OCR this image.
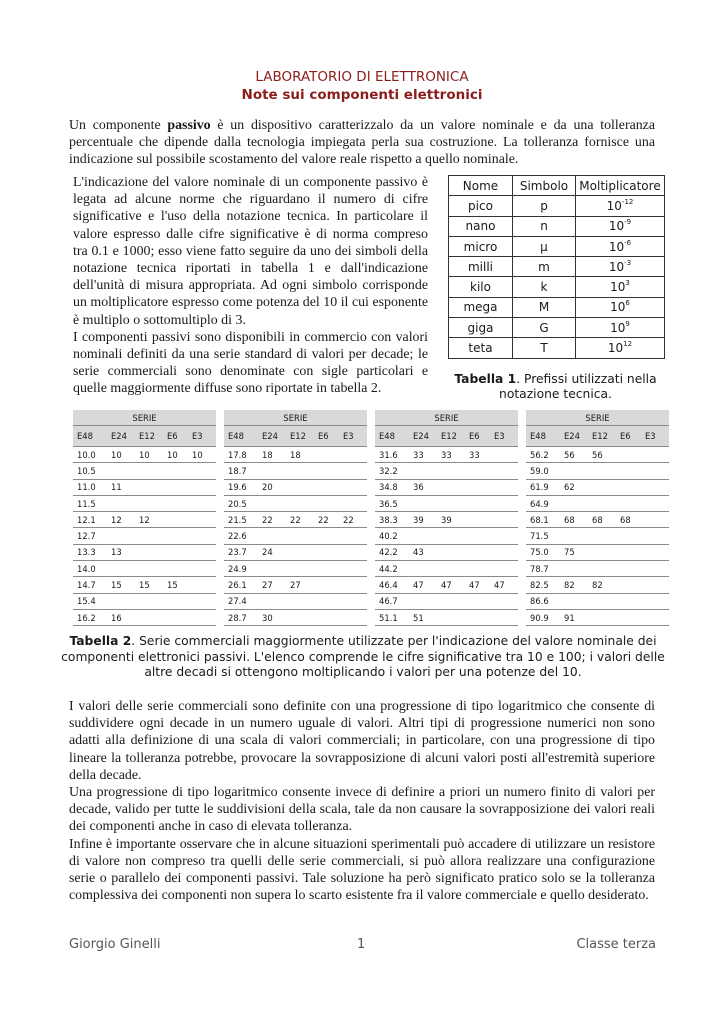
LABORATORIO DI ELETTRONICA
Note sui componenti elettronici

Un componente passivo è un dispositivo caratterizzalo da un valore nominale e da una tolleranza percentuale che dipende dalla tecnologia impiegata perla sua costruzione. La tolleranza fornisce una indicazione sul possibile scostamento del valore reale rispetto a quello nominale.

L'indicazione del valore nominale di un componente passivo è legata ad alcune norme che riguardano il numero di cifre significative e l'uso della notazione tecnica. In particolare il valore espresso dalle cifre significative è di norma compreso tra 0.1 e 1000; esso viene fatto seguire da uno dei simboli della notazione tecnica riportati in tabella 1 e dall'indicazione dell'unità di misura appropriata. Ad ogni simbolo corrisponde un moltiplicatore espresso come potenza del 10 il cui esponente è multiplo o sottomultiplo di 3.
I componenti passivi sono disponibili in commercio con valori nominali definiti da una serie standard di valori per decade; le serie commerciali sono denominate con sigle particolari e quelle maggiormente diffuse sono riportate in tabella 2.
Nome	Simbolo	Moltiplicatore
pico	p	$10^{-12}$
nano	n	$10^{-9}$
micro	μ	$10^{-6}$
milli	m	$10^{-3}$
kilo	k	$10^3$
mega	M	$10^6$
giga	G	$10^9$
teta	T	$10^{12}$
Tabella 1. Prefissi utilizzati nella notazione tecnica.
SERIE				
E48	E24	E12	E6	E3
10.0	10	10	10	10
10.5				
11.0	11			
11.5				
12.1	12	12		
12.7				
13.3	13			
14.0				
14.7	15	15	15	
15.4				
16.2	16			
SERIE				
E48	E24	E12	E6	E3
17.8	18	18		
18.7				
19.6	20			
20.5				
21.5	22	22	22	22
22.6				
23.7	24			
24.9				
26.1	27	27		
27.4				
28.7	30			
SERIE				
E48	E24	E12	E6	E3
31.6	33	33	33	
32.2				
34.8	36			
36.5				
38.3	39	39		
40.2				
42.2	43			
44.2				
46.4	47	47	47	47
46.7				
51.1	51			
SERIE				
E48	E24	E12	E6	E3
56.2	56	56		
59.0				
61.9	62			
64.9				
68.1	68	68	68	
71.5				
75.0	75			
78.7				
82.5	82	82		
86.6				
90.9	91			
Tabella 2. Serie commerciali maggiormente utilizzate per l'indicazione del valore nominale dei componenti elettronici passivi. L'elenco comprende le cifre significative tra 10 e 100; i valori delle altre decadi si ottengono moltiplicando i valori per una potenze del 10.
I valori delle serie commerciali sono definite con una progressione di tipo logaritmico che consente di suddividere ogni decade in un numero uguale di valori. Altri tipi di progressione numerici non sono adatti alla definizione di una scala di valori commerciali; in particolare, con una progressione di tipo lineare la tolleranza potrebbe, provocare la sovrapposizione di alcuni valori posti all'estremità superiore della decade.
Una progressione di tipo logaritmico consente invece di definire a priori un numero finito di valori per decade, valido per tutte le suddivisioni della scala, tale da non causare la sovrapposizione dei valori reali dei componenti anche in caso di elevata tolleranza.
Infine è importante osservare che in alcune situazioni sperimentali può accadere di utilizzare un resistore di valore non compreso tra quelli delle serie commerciali, si può allora realizzare una configurazione serie o parallelo dei componenti passivi. Tale soluzione ha però significato pratico solo se la tolleranza complessiva dei componenti non supera lo scarto esistente fra il valore commerciale e quello desiderato.
Giorgio Ginelli	1	Classe terza
